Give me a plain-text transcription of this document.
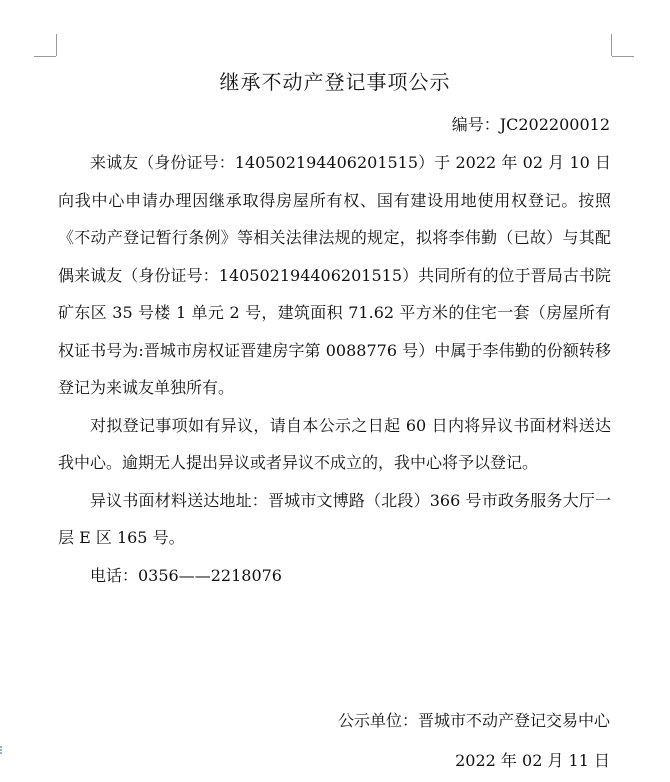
继承不动产登记事项公示
编号：JC202200012

来诚友（身份证号：140502194406201515）于 2022 年 02 月 10 日向我中心申请办理因继承取得房屋所有权、国有建设用地使用权登记。按照《不动产登记暂行条例》等相关法律法规的规定，拟将李伟勤（已故）与其配偶来诚友（身份证号：140502194406201515）共同所有的位于晋局古书院矿东区 35 号楼 1 单元 2 号，建筑面积 71.62 平方米的住宅一套（房屋所有权证书号为:晋城市房权证晋建房字第 0088776 号）中属于李伟勤的份额转移登记为来诚友单独所有。

对拟登记事项如有异议，请自本公示之日起 60 日内将异议书面材料送达我中心。逾期无人提出异议或者异议不成立的，我中心将予以登记。

异议书面材料送达地址：晋城市文博路（北段）366 号市政务服务大厅一层 E 区 165 号。

电话：0356——2218076

公示单位：晋城市不动产登记交易中心
2022 年 02 月 11 日
